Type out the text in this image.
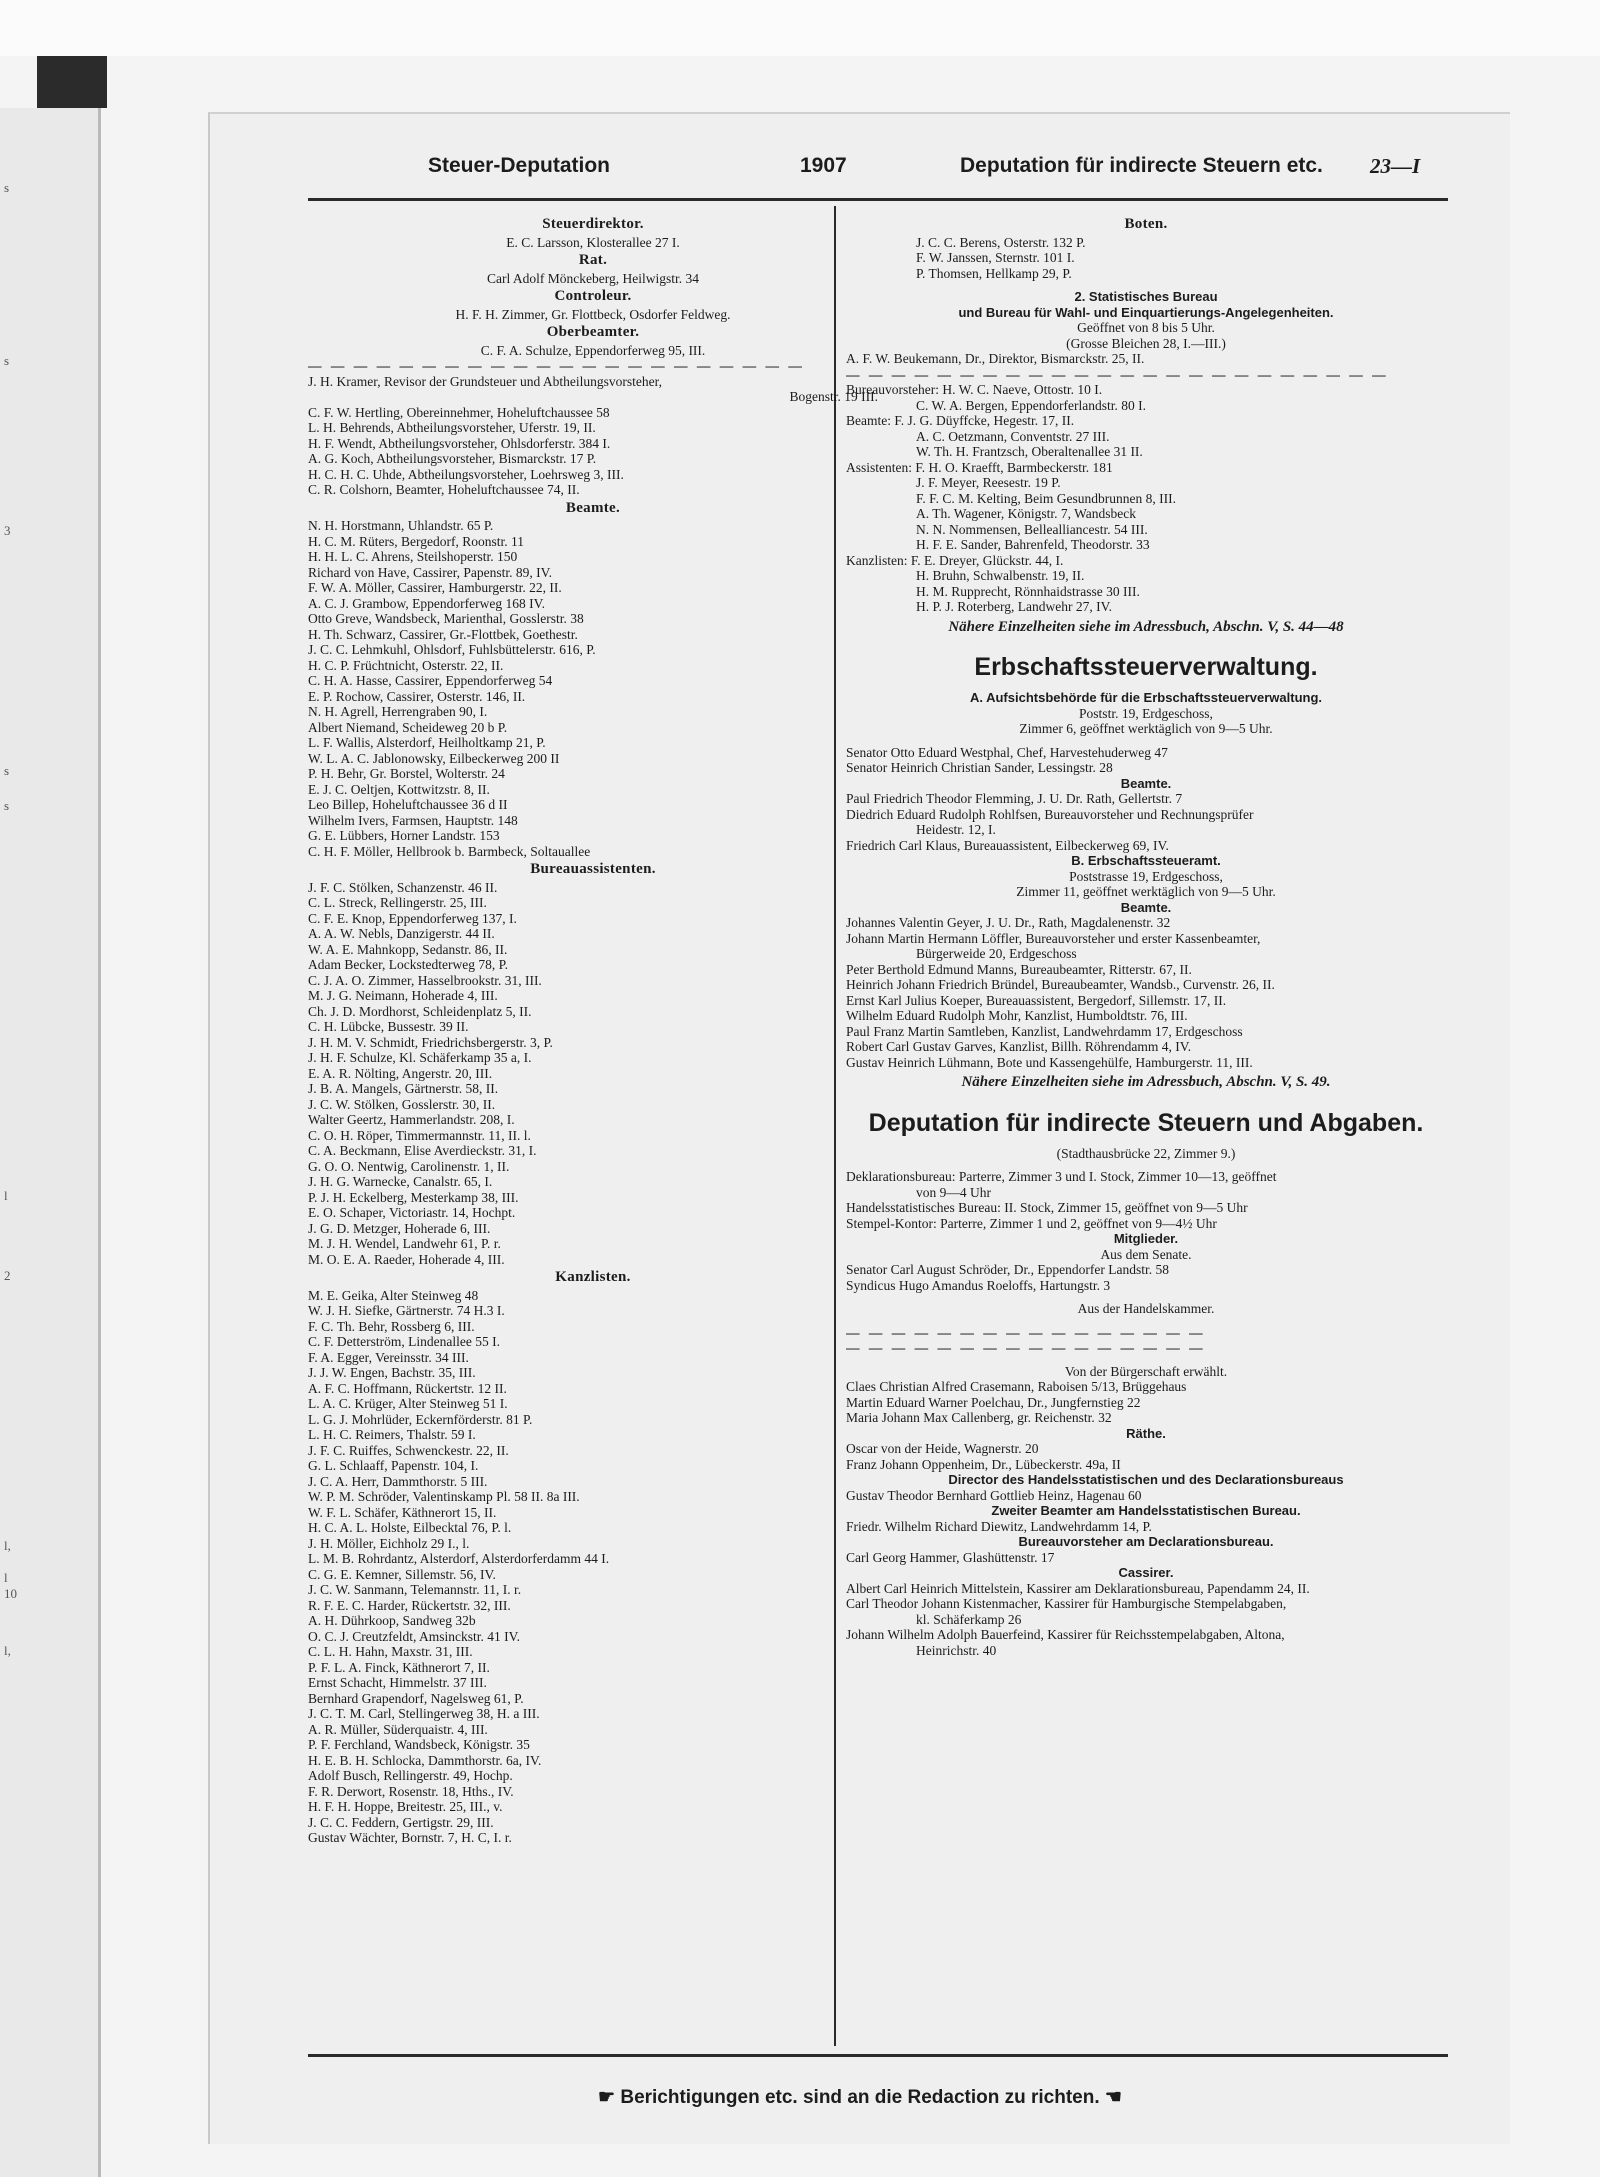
s
s
3
s
s
l
2
l,
l
10
l,
Steuer-Deputation	1907	Deputation für indirecte Steuern etc. 23—I
Steuerdirektor.
E. C. Larsson, Klosterallee 27 I.
Rat.
Carl Adolf Mönckeberg, Heilwigstr. 34
Controleur.
H. F. H. Zimmer, Gr. Flottbeck, Osdorfer Feldweg.
Oberbeamter.
C. F. A. Schulze, Eppendorferweg 95, III.
— — — — — — — — — — — — — — — — — — — — — —
J. H. Kramer, Revisor der Grundsteuer und Abtheilungsvorsteher,
Bogenstr. 19 III.
C. F. W. Hertling, Obereinnehmer, Hoheluftchaussee 58
L. H. Behrends, Abtheilungsvorsteher, Uferstr. 19, II.
H. F. Wendt, Abtheilungsvorsteher, Ohlsdorferstr. 384 I.
A. G. Koch, Abtheilungsvorsteher, Bismarckstr. 17 P.
H. C. H. C. Uhde, Abtheilungsvorsteher, Loehrsweg 3, III.
C. R. Colshorn, Beamter, Hoheluftchaussee 74, II.
Beamte.
N. H. Horstmann, Uhlandstr. 65 P.
H. C. M. Rüters, Bergedorf, Roonstr. 11
H. H. L. C. Ahrens, Steilshoperstr. 150
Richard von Have, Cassirer, Papenstr. 89, IV.
F. W. A. Möller, Cassirer, Hamburgerstr. 22, II.
A. C. J. Grambow, Eppendorferweg 168 IV.
Otto Greve, Wandsbeck, Marienthal, Gosslerstr. 38
H. Th. Schwarz, Cassirer, Gr.-Flottbek, Goethestr.
J. C. C. Lehmkuhl, Ohlsdorf, Fuhlsbüttelerstr. 616, P.
H. C. P. Früchtnicht, Osterstr. 22, II.
C. H. A. Hasse, Cassirer, Eppendorferweg 54
E. P. Rochow, Cassirer, Osterstr. 146, II.
N. H. Agrell, Herrengraben 90, I.
Albert Niemand, Scheideweg 20 b P.
L. F. Wallis, Alsterdorf, Heilholtkamp 21, P.
W. L. A. C. Jablonowsky, Eilbeckerweg 200 II
P. H. Behr, Gr. Borstel, Wolterstr. 24
E. J. C. Oeltjen, Kottwitzstr. 8, II.
Leo Billep, Hoheluftchaussee 36 d II
Wilhelm Ivers, Farmsen, Hauptstr. 148
G. E. Lübbers, Horner Landstr. 153
C. H. F. Möller, Hellbrook b. Barmbeck, Soltauallee
Bureauassistenten.
J. F. C. Stölken, Schanzenstr. 46 II.
C. L. Streck, Rellingerstr. 25, III.
C. F. E. Knop, Eppendorferweg 137, I.
A. A. W. Nebls, Danzigerstr. 44 II.
W. A. E. Mahnkopp, Sedanstr. 86, II.
Adam Becker, Lockstedterweg 78, P.
C. J. A. O. Zimmer, Hasselbrookstr. 31, III.
M. J. G. Neimann, Hoherade 4, III.
Ch. J. D. Mordhorst, Schleidenplatz 5, II.
C. H. Lübcke, Bussestr. 39 II.
J. H. M. V. Schmidt, Friedrichsbergerstr. 3, P.
J. H. F. Schulze, Kl. Schäferkamp 35 a, I.
E. A. R. Nölting, Angerstr. 20, III.
J. B. A. Mangels, Gärtnerstr. 58, II.
J. C. W. Stölken, Gosslerstr. 30, II.
Walter Geertz, Hammerlandstr. 208, I.
C. O. H. Röper, Timmermannstr. 11, II. l.
C. A. Beckmann, Elise Averdieckstr. 31, I.
G. O. O. Nentwig, Carolinenstr. 1, II.
J. H. G. Warnecke, Canalstr. 65, I.
P. J. H. Eckelberg, Mesterkamp 38, III.
E. O. Schaper, Victoriastr. 14, Hochpt.
J. G. D. Metzger, Hoherade 6, III.
M. J. H. Wendel, Landwehr 61, P. r.
M. O. E. A. Raeder, Hoherade 4, III.
Kanzlisten.
M. E. Geika, Alter Steinweg 48
W. J. H. Siefke, Gärtnerstr. 74 H.3 I.
F. C. Th. Behr, Rossberg 6, III.
C. F. Detterström, Lindenallee 55 I.
F. A. Egger, Vereinsstr. 34 III.
J. J. W. Engen, Bachstr. 35, III.
A. F. C. Hoffmann, Rückertstr. 12 II.
L. A. C. Krüger, Alter Steinweg 51 I.
L. G. J. Mohrlüder, Eckernförderstr. 81 P.
L. H. C. Reimers, Thalstr. 59 I.
J. F. C. Ruiffes, Schwenckestr. 22, II.
G. L. Schlaaff, Papenstr. 104, I.
J. C. A. Herr, Dammthorstr. 5 III.
W. P. M. Schröder, Valentinskamp Pl. 58 II. 8a III.
W. F. L. Schäfer, Käthnerort 15, II.
H. C. A. L. Holste, Eilbecktal 76, P. l.
J. H. Möller, Eichholz 29 I., l.
L. M. B. Rohrdantz, Alsterdorf, Alsterdorferdamm 44 I.
C. G. E. Kemner, Sillemstr. 56, IV.
J. C. W. Sanmann, Telemannstr. 11, I. r.
R. F. E. C. Harder, Rückertstr. 32, III.
A. H. Dührkoop, Sandweg 32b
O. C. J. Creutzfeldt, Amsinckstr. 41 IV.
C. L. H. Hahn, Maxstr. 31, III.
P. F. L. A. Finck, Käthnerort 7, II.
Ernst Schacht, Himmelstr. 37 III.
Bernhard Grapendorf, Nagelsweg 61, P.
J. C. T. M. Carl, Stellingerweg 38, H. a III.
A. R. Müller, Süderquaistr. 4, III.
P. F. Ferchland, Wandsbeck, Königstr. 35
H. E. B. H. Schlocka, Dammthorstr. 6a, IV.
Adolf Busch, Rellingerstr. 49, Hochp.
F. R. Derwort, Rosenstr. 18, Hths., IV.
H. F. H. Hoppe, Breitestr. 25, III., v.
J. C. C. Feddern, Gertigstr. 29, III.
Gustav Wächter, Bornstr. 7, H. C, I. r.
Boten.
J. C. C. Berens, Osterstr. 132 P.
F. W. Janssen, Sternstr. 101 I.
P. Thomsen, Hellkamp 29, P.
2. Statistisches Bureau
und Bureau für Wahl- und Einquartierungs-Angelegenheiten.
Geöffnet von 8 bis 5 Uhr.
(Grosse Bleichen 28, I.—III.)
A. F. W. Beukemann, Dr., Direktor, Bismarckstr. 25, II.
— — — — — — — — — — — — — — — — — — — — — — — —
Bureauvorsteher: H. W. C. Naeve, Ottostr. 10 I.
C. W. A. Bergen, Eppendorferlandstr. 80 I.
Beamte: F. J. G. Düyffcke, Hegestr. 17, II.
A. C. Oetzmann, Conventstr. 27 III.
W. Th. H. Frantzsch, Oberaltenallee 31 II.
Assistenten: F. H. O. Kraefft, Barmbeckerstr. 181
J. F. Meyer, Reesestr. 19 P.
F. F. C. M. Kelting, Beim Gesundbrunnen 8, III.
A. Th. Wagener, Königstr. 7, Wandsbeck
N. N. Nommensen, Bellealliancestr. 54 III.
H. F. E. Sander, Bahrenfeld, Theodorstr. 33
Kanzlisten: F. E. Dreyer, Glückstr. 44, I.
H. Bruhn, Schwalbenstr. 19, II.
H. M. Rupprecht, Rönnhaidstrasse 30 III.
H. P. J. Roterberg, Landwehr 27, IV.
Nähere Einzelheiten siehe im Adressbuch, Abschn. V, S. 44—48
Erbschaftssteuerverwaltung.
A. Aufsichtsbehörde für die Erbschaftssteuerverwaltung.
Poststr. 19, Erdgeschoss,
Zimmer 6, geöffnet werktäglich von 9—5 Uhr.
Senator Otto Eduard Westphal, Chef, Harvestehuderweg 47
Senator Heinrich Christian Sander, Lessingstr. 28
Beamte.
Paul Friedrich Theodor Flemming, J. U. Dr. Rath, Gellertstr. 7
Diedrich Eduard Rudolph Rohlfsen, Bureauvorsteher und Rechnungsprüfer
Heidestr. 12, I.
Friedrich Carl Klaus, Bureauassistent, Eilbeckerweg 69, IV.
B. Erbschaftssteueramt.
Poststrasse 19, Erdgeschoss,
Zimmer 11, geöffnet werktäglich von 9—5 Uhr.
Beamte.
Johannes Valentin Geyer, J. U. Dr., Rath, Magdalenenstr. 32
Johann Martin Hermann Löffler, Bureauvorsteher und erster Kassenbeamter,
Bürgerweide 20, Erdgeschoss
Peter Berthold Edmund Manns, Bureaubeamter, Ritterstr. 67, II.
Heinrich Johann Friedrich Bründel, Bureaubeamter, Wandsb., Curvenstr. 26, II.
Ernst Karl Julius Koeper, Bureauassistent, Bergedorf, Sillemstr. 17, II.
Wilhelm Eduard Rudolph Mohr, Kanzlist, Humboldtstr. 76, III.
Paul Franz Martin Samtleben, Kanzlist, Landwehrdamm 17, Erdgeschoss
Robert Carl Gustav Garves, Kanzlist, Billh. Röhrendamm 4, IV.
Gustav Heinrich Lühmann, Bote und Kassengehülfe, Hamburgerstr. 11, III.
Nähere Einzelheiten siehe im Adressbuch, Abschn. V, S. 49.
Deputation für indirecte Steuern und Abgaben.
(Stadthausbrücke 22, Zimmer 9.)
Deklarationsbureau: Parterre, Zimmer 3 und I. Stock, Zimmer 10—13, geöffnet
von 9—4 Uhr
Handelsstatistisches Bureau: II. Stock, Zimmer 15, geöffnet von 9—5 Uhr
Stempel-Kontor: Parterre, Zimmer 1 und 2, geöffnet von 9—4½ Uhr
Mitglieder.
Aus dem Senate.
Senator Carl August Schröder, Dr., Eppendorfer Landstr. 58
Syndicus Hugo Amandus Roeloffs, Hartungstr. 3
Aus der Handelskammer.
— — — — — — — — — — — — — — — —
— — — — — — — — — — — — — — — —
Von der Bürgerschaft erwählt.
Claes Christian Alfred Crasemann, Raboisen 5/13, Brüggehaus
Martin Eduard Warner Poelchau, Dr., Jungfernstieg 22
Maria Johann Max Callenberg, gr. Reichenstr. 32
Räthe.
Oscar von der Heide, Wagnerstr. 20
Franz Johann Oppenheim, Dr., Lübeckerstr. 49a, II
Director des Handelsstatistischen und des Declarationsbureaus
Gustav Theodor Bernhard Gottlieb Heinz, Hagenau 60
Zweiter Beamter am Handelsstatistischen Bureau.
Friedr. Wilhelm Richard Diewitz, Landwehrdamm 14, P.
Bureauvorsteher am Declarationsbureau.
Carl Georg Hammer, Glashüttenstr. 17
Cassirer.
Albert Carl Heinrich Mittelstein, Kassirer am Deklarationsbureau, Papendamm 24, II.
Carl Theodor Johann Kistenmacher, Kassirer für Hamburgische Stempelabgaben,
kl. Schäferkamp 26
Johann Wilhelm Adolph Bauerfeind, Kassirer für Reichsstempelabgaben, Altona,
Heinrichstr. 40
☛ Berichtigungen etc. sind an die Redaction zu richten. ☚
